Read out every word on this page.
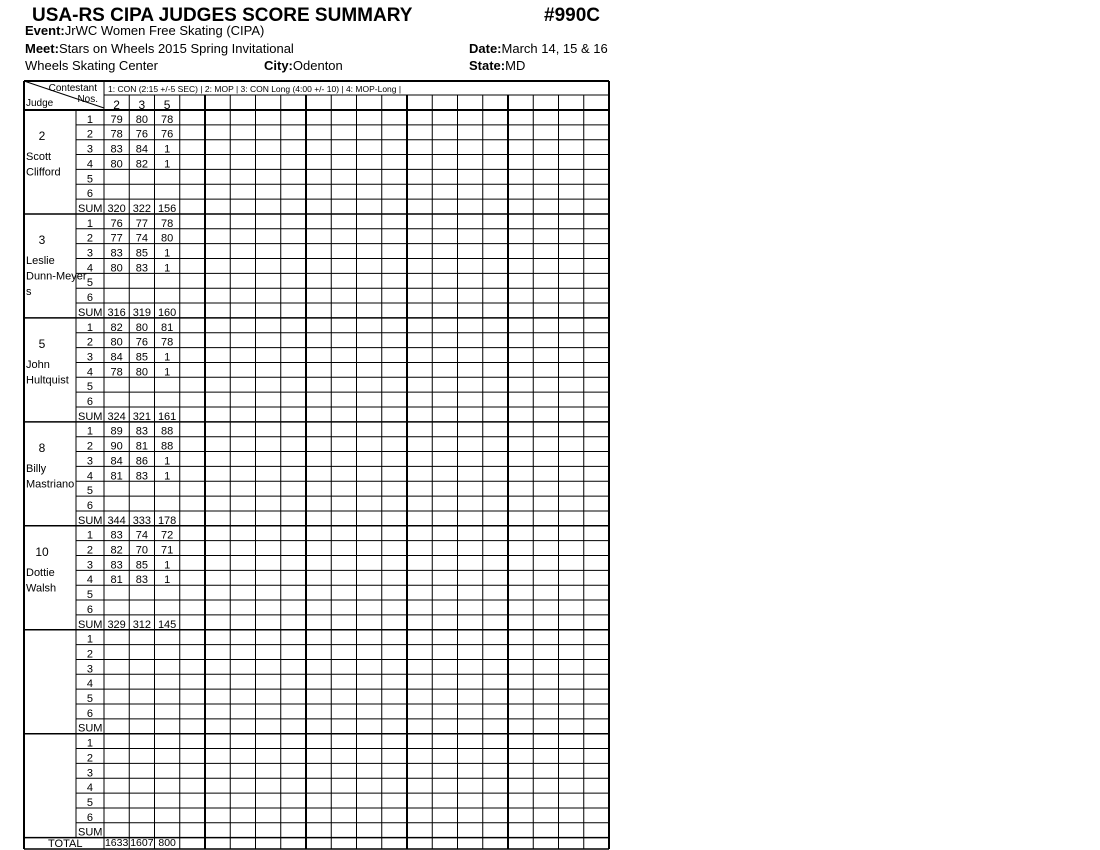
USA-RS CIPA JUDGES SCORE SUMMARY	#990C
Event:JrWC Women Free Skating (CIPA)
Meet:Stars on Wheels 2015 Spring Invitational	Date:March 14, 15 & 16
Wheels Skating Center	City:Odenton	State:MD
Contestant
Nos.
Judge
1: CON (2:15 +/-5 SEC) | 2: MOP | 3: CON Long (4:00 +/- 10) | 4: MOP-Long |
2 3 5
2
Scott
Clifford
1 79 80 78
2 78 76 76
3 83 84 1
4 80 82 1
5
6
SUM 320 322 156
3
Leslie
Dunn-Meyer
s
1 76 77 78
2 77 74 80
3 83 85 1
4 80 83 1
5
6
SUM 316 319 160
5
John
Hultquist
1 82 80 81
2 80 76 78
3 84 85 1
4 78 80 1
5
6
SUM 324 321 161
8
Billy
Mastriano
1 89 83 88
2 90 81 88
3 84 86 1
4 81 83 1
5
6
SUM 344 333 178
10
Dottie
Walsh
1 83 74 72
2 82 70 71
3 83 85 1
4 81 83 1
5
6
SUM 329 312 145
1
2
3
4
5
6
SUM
1
2
3
4
5
6
SUM
TOTAL 1633 1607 800
